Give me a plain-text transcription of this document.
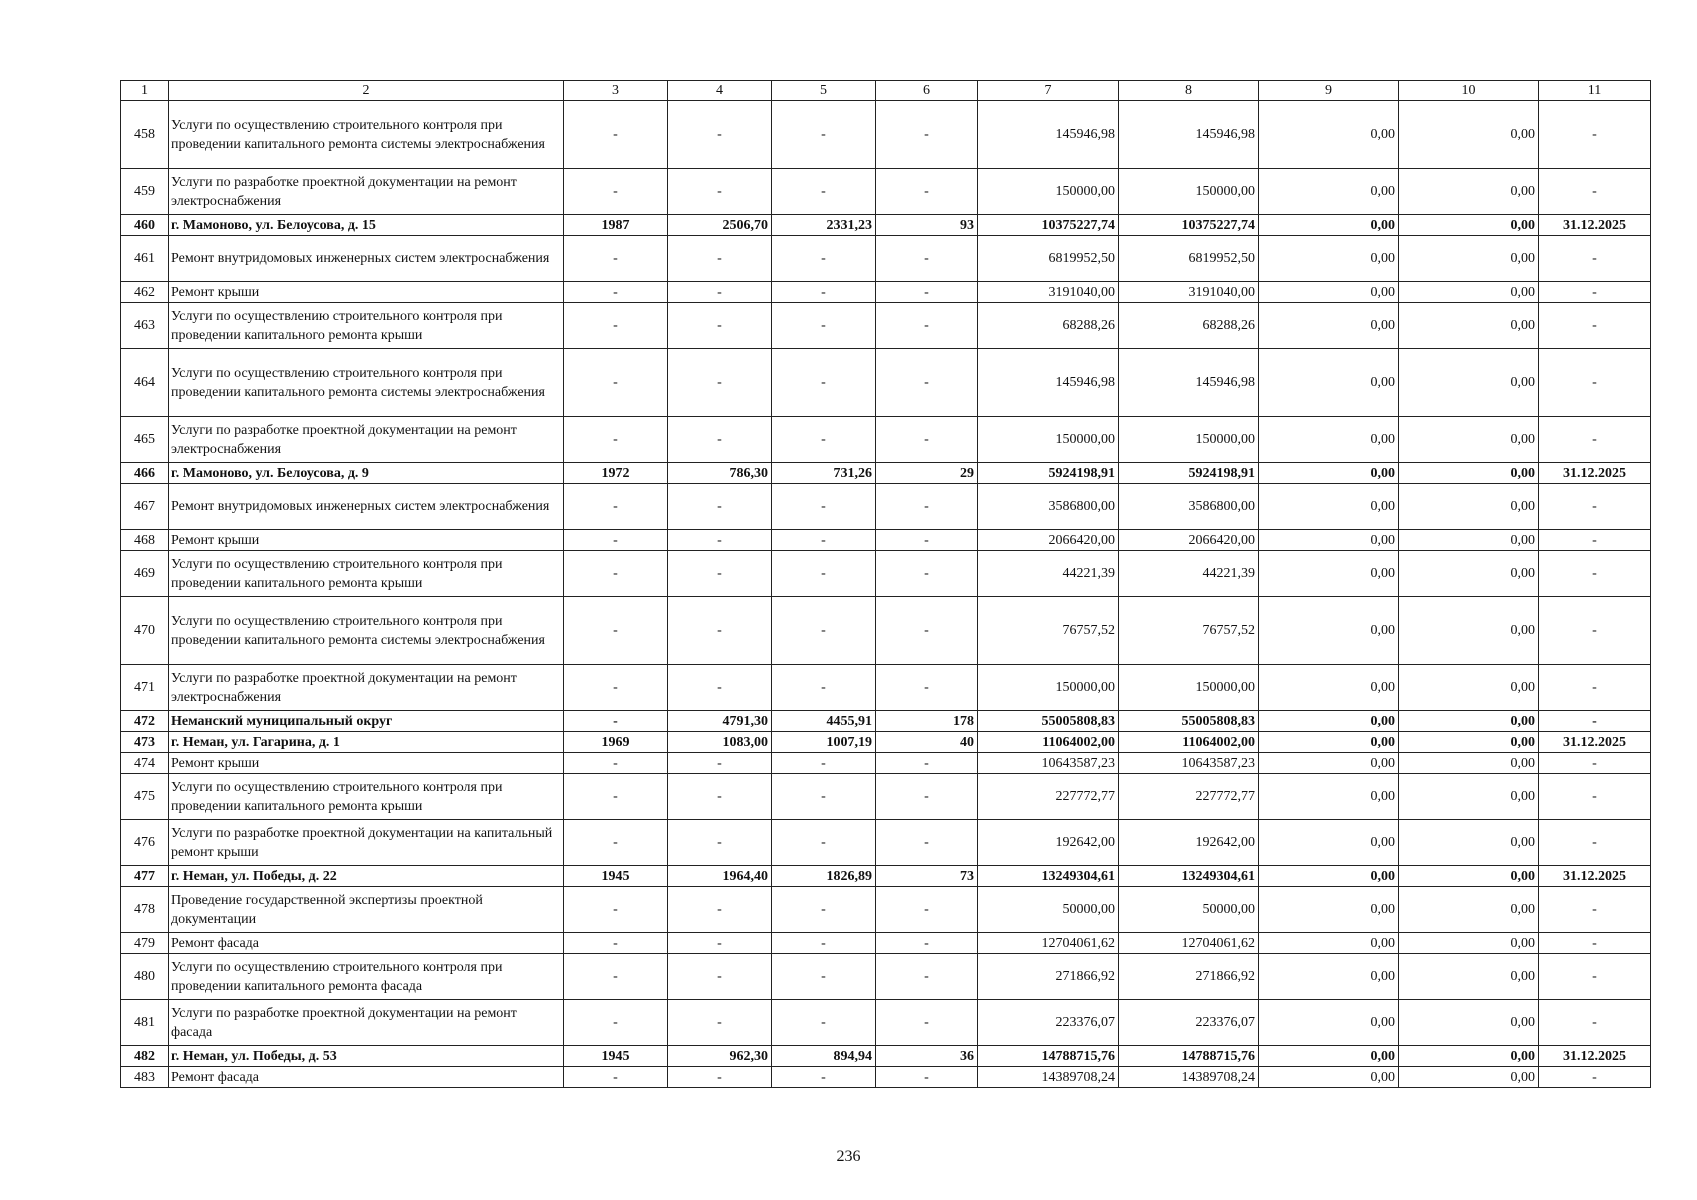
1	2	3	4	5	6	7	8	9	10	11
458	Услуги по осуществлению строительного контроля при проведении капитального ремонта системы электроснабжения	-	-	-	-	145946,98	145946,98	0,00	0,00	-
459	Услуги по разработке проектной документации на ремонт электроснабжения	-	-	-	-	150000,00	150000,00	0,00	0,00	-
460	г. Мамоново, ул. Белоусова, д. 15	1987	2506,70	2331,23	93	10375227,74	10375227,74	0,00	0,00	31.12.2025
461	Ремонт внутридомовых инженерных систем электроснабжения	-	-	-	-	6819952,50	6819952,50	0,00	0,00	-
462	Ремонт крыши	-	-	-	-	3191040,00	3191040,00	0,00	0,00	-
463	Услуги по осуществлению строительного контроля при проведении капитального ремонта крыши	-	-	-	-	68288,26	68288,26	0,00	0,00	-
464	Услуги по осуществлению строительного контроля при проведении капитального ремонта системы электроснабжения	-	-	-	-	145946,98	145946,98	0,00	0,00	-
465	Услуги по разработке проектной документации на ремонт электроснабжения	-	-	-	-	150000,00	150000,00	0,00	0,00	-
466	г. Мамоново, ул. Белоусова, д. 9	1972	786,30	731,26	29	5924198,91	5924198,91	0,00	0,00	31.12.2025
467	Ремонт внутридомовых инженерных систем электроснабжения	-	-	-	-	3586800,00	3586800,00	0,00	0,00	-
468	Ремонт крыши	-	-	-	-	2066420,00	2066420,00	0,00	0,00	-
469	Услуги по осуществлению строительного контроля при проведении капитального ремонта крыши	-	-	-	-	44221,39	44221,39	0,00	0,00	-
470	Услуги по осуществлению строительного контроля при проведении капитального ремонта системы электроснабжения	-	-	-	-	76757,52	76757,52	0,00	0,00	-
471	Услуги по разработке проектной документации на ремонт электроснабжения	-	-	-	-	150000,00	150000,00	0,00	0,00	-
472	Неманский муниципальный округ	-	4791,30	4455,91	178	55005808,83	55005808,83	0,00	0,00	-
473	г. Неман, ул. Гагарина, д. 1	1969	1083,00	1007,19	40	11064002,00	11064002,00	0,00	0,00	31.12.2025
474	Ремонт крыши	-	-	-	-	10643587,23	10643587,23	0,00	0,00	-
475	Услуги по осуществлению строительного контроля при проведении капитального ремонта крыши	-	-	-	-	227772,77	227772,77	0,00	0,00	-
476	Услуги по разработке проектной документации на капитальный ремонт крыши	-	-	-	-	192642,00	192642,00	0,00	0,00	-
477	г. Неман, ул. Победы, д. 22	1945	1964,40	1826,89	73	13249304,61	13249304,61	0,00	0,00	31.12.2025
478	Проведение государственной экспертизы проектной документации	-	-	-	-	50000,00	50000,00	0,00	0,00	-
479	Ремонт фасада	-	-	-	-	12704061,62	12704061,62	0,00	0,00	-
480	Услуги по осуществлению строительного контроля при проведении капитального ремонта фасада	-	-	-	-	271866,92	271866,92	0,00	0,00	-
481	Услуги по разработке проектной документации на ремонт фасада	-	-	-	-	223376,07	223376,07	0,00	0,00	-
482	г. Неман, ул. Победы, д. 53	1945	962,30	894,94	36	14788715,76	14788715,76	0,00	0,00	31.12.2025
483	Ремонт фасада	-	-	-	-	14389708,24	14389708,24	0,00	0,00	-
236
